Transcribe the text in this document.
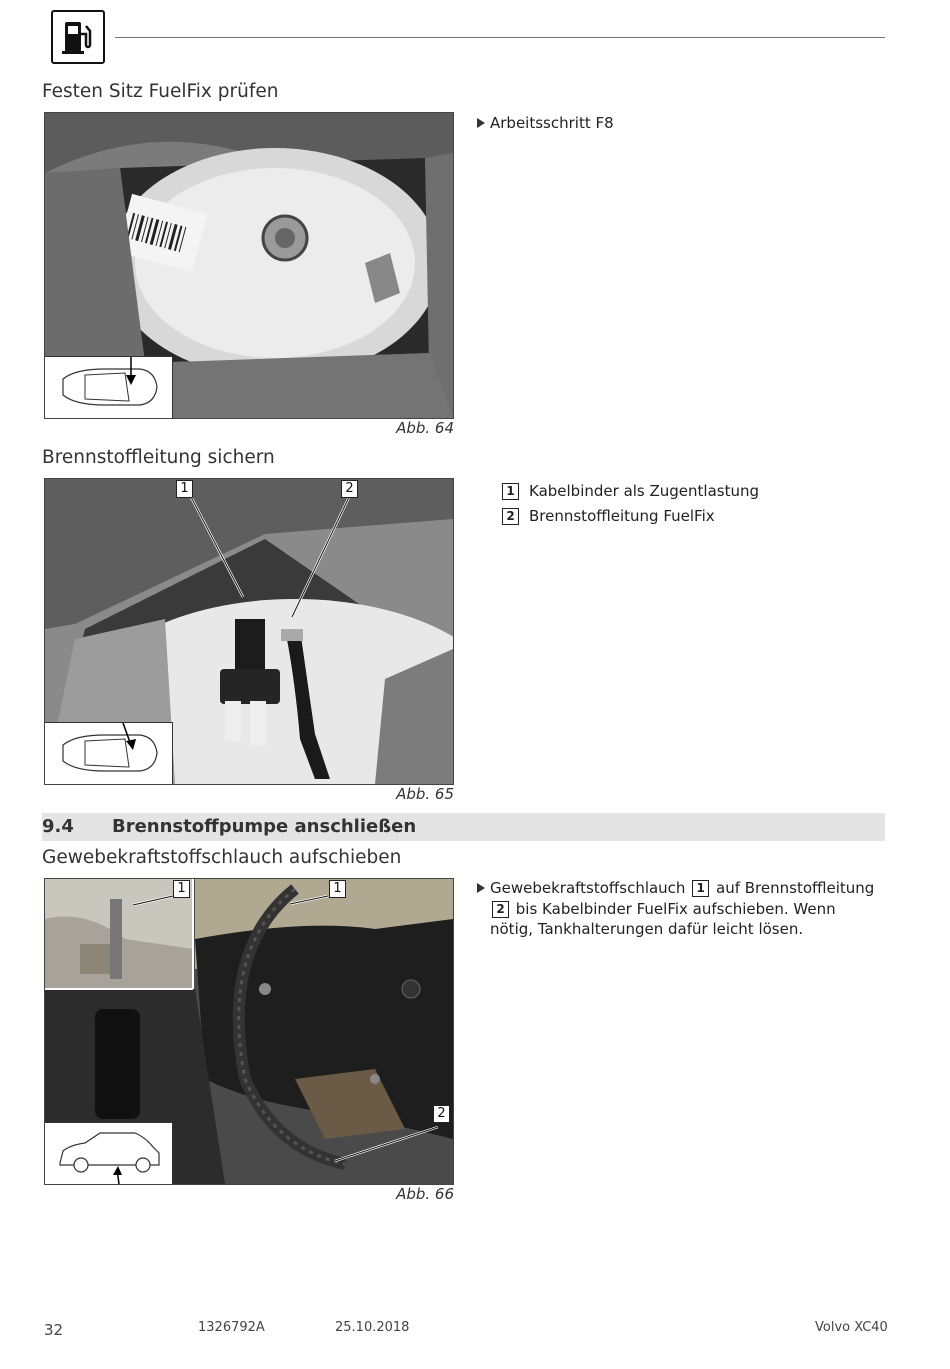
Festen Sitz FuelFix prüfen
Abb. 64
Arbeitsschritt F8
Brennstoffleitung sichern
1	2
Abb. 65
1 Kabelbinder als Zugentlastung
2 Brennstoffleitung FuelFix
9.4 Brennstoffpumpe anschließen
Gewebekraftstoffschlauch aufschieben
1	1
2
Abb. 66
Gewebekraftstoffschlauch 1 auf Brennstoffleitung 2 bis Kabelbinder FuelFix aufschieben. Wenn nötig, Tankhalterungen dafür leicht lösen.
32	1326792A	25.10.2018	Volvo XC40
